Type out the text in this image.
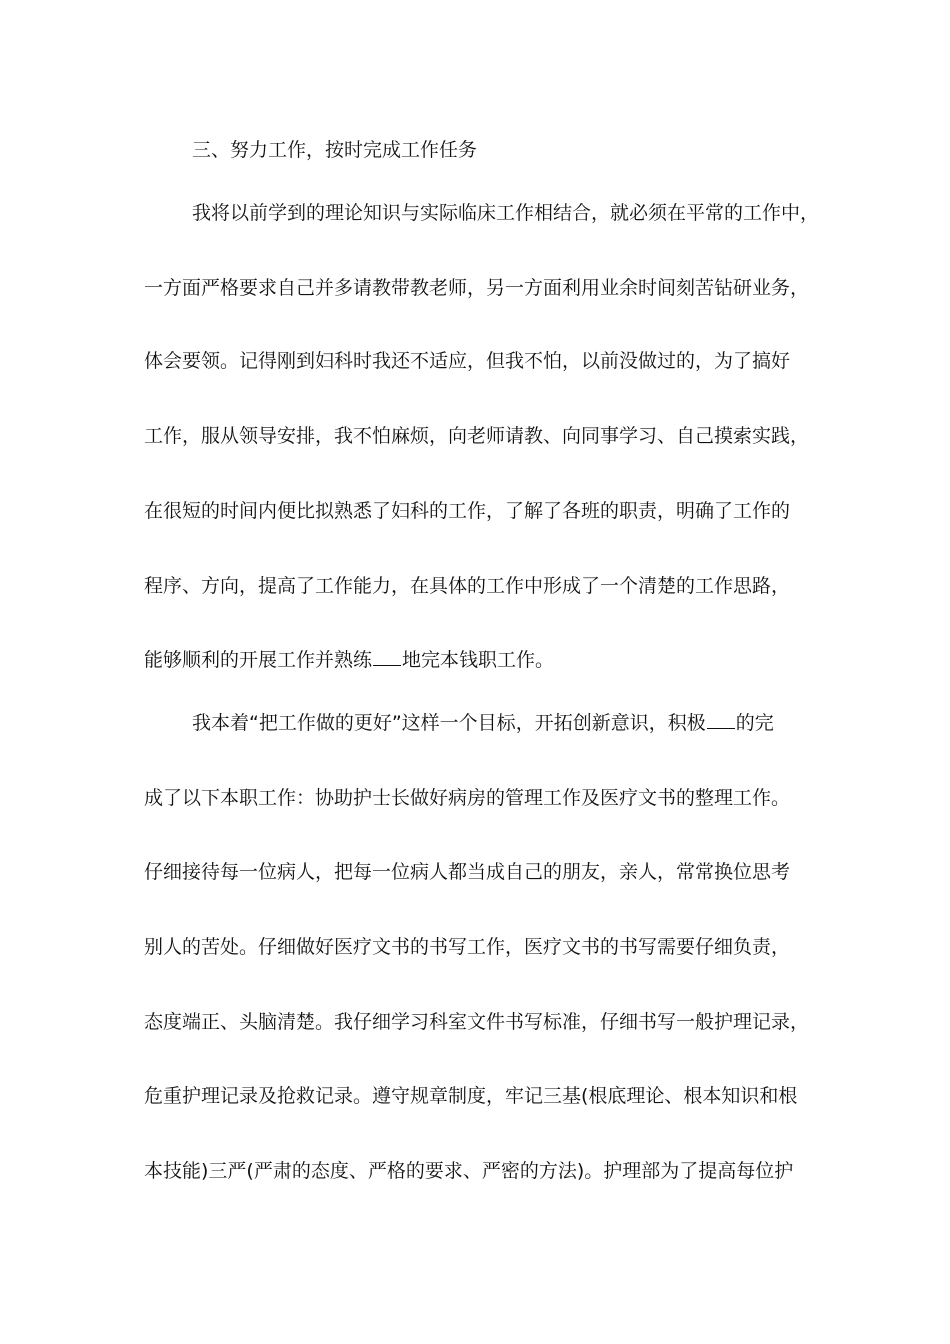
三、努力工作，按时完成工作任务
我将以前学到的理论知识与实际临床工作相结合，就必须在平常的工作中，
一方面严格要求自己并多请教带教老师，另一方面利用业余时间刻苦钻研业务，
体会要领。记得刚到妇科时我还不适应，但我不怕，以前没做过的，为了搞好
工作，服从领导安排，我不怕麻烦，向老师请教、向同事学习、自己摸索实践，
在很短的时间内便比拟熟悉了妇科的工作，了解了各班的职责，明确了工作的
程序、方向，提高了工作能力，在具体的工作中形成了一个清楚的工作思路，
能够顺利的开展工作并熟练 地完本钱职工作。
我本着“把工作做的更好”这样一个目标，开拓创新意识，积极 的完
成了以下本职工作：协助护士长做好病房的管理工作及医疗文书的整理工作。
仔细接待每一位病人，把每一位病人都当成自己的朋友，亲人，常常换位思考
别人的苦处。仔细做好医疗文书的书写工作，医疗文书的书写需要仔细负责，
态度端正、头脑清楚。我仔细学习科室文件书写标准，仔细书写一般护理记录，
危重护理记录及抢救记录。遵守规章制度，牢记三基(根底理论、根本知识和根
本技能)三严(严肃的态度、严格的要求、严密的方法)。护理部为了提高每位护
